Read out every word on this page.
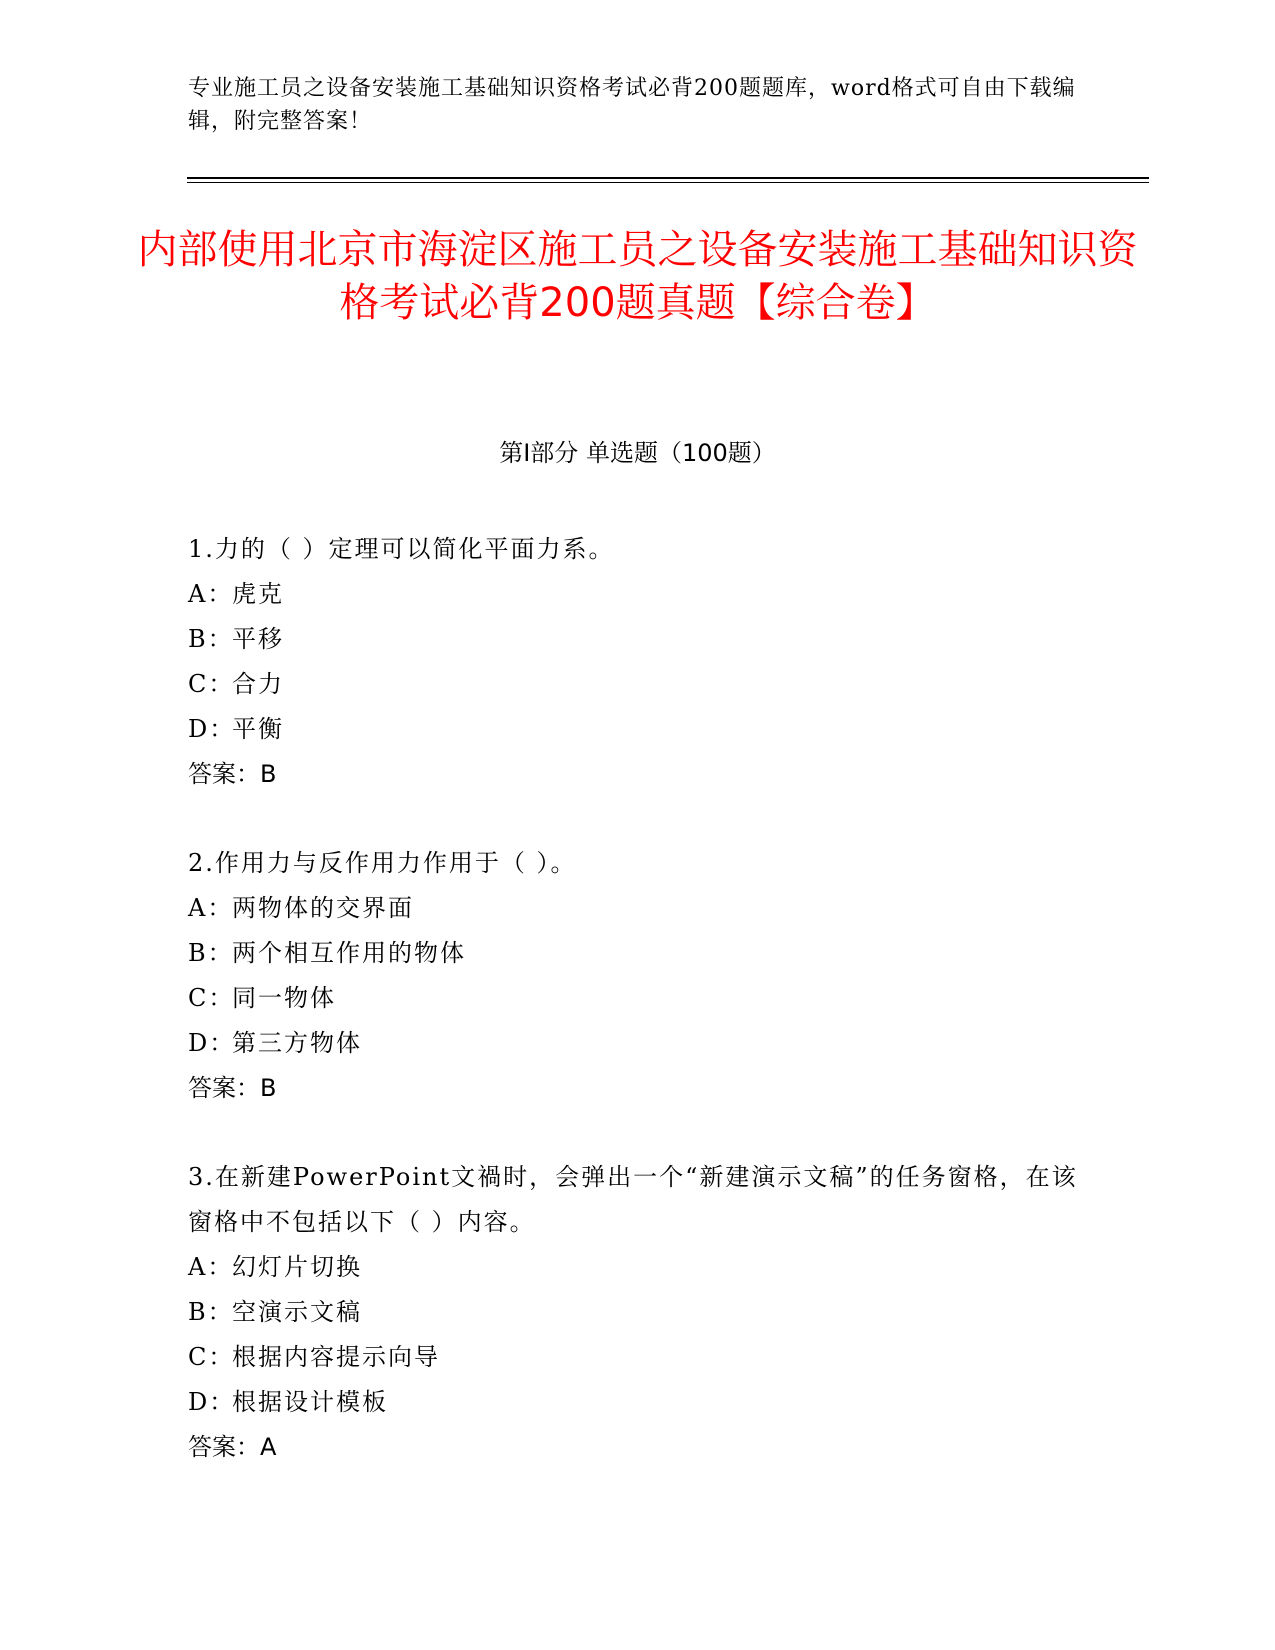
专业施工员之设备安装施工基础知识资格考试必背200题题库，word格式可自由下载编辑，附完整答案！
内部使用北京市海淀区施工员之设备安装施工基础知识资格考试必背200题真题【综合卷】
第I部分 单选题（100题）
1.力的（ ）定理可以简化平面力系。
A：虎克
B：平移
C：合力
D：平衡
答案：B
2.作用力与反作用力作用于（ ）。
A：两物体的交界面
B：两个相互作用的物体
C：同一物体
D：第三方物体
答案：B
3.在新建PowerPoint文禍时，会弹出一个“新建演示文稿”的任务窗格，在该窗格中不包括以下（ ）内容。
A：幻灯片切换
B：空演示文稿
C：根据内容提示向导
D：根据设计模板
答案：A
